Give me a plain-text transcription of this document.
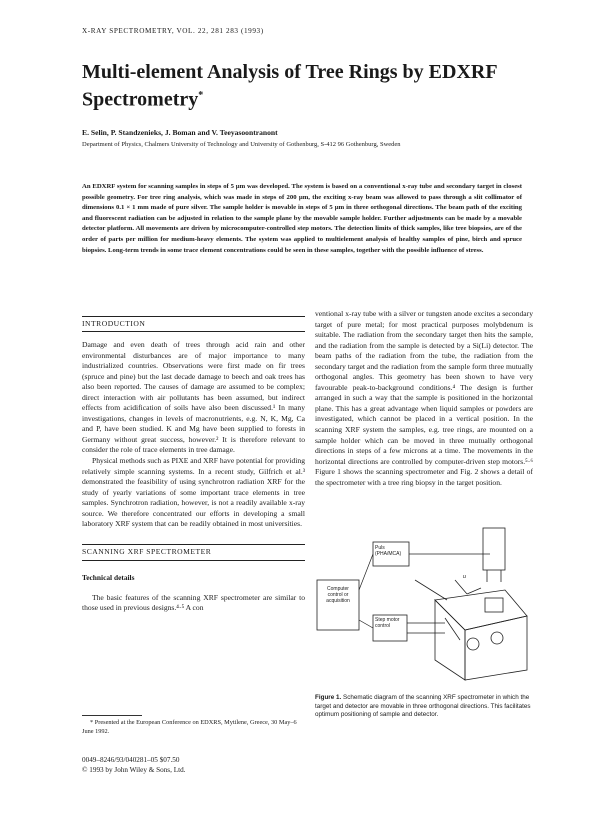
X-RAY SPECTROMETRY, VOL. 22, 281 283 (1993)
Multi-element Analysis of Tree Rings by EDXRF Spectrometry*
E. Selin, P. Standzenieks, J. Boman and V. Teeyasoontranont
Department of Physics, Chalmers University of Technology and University of Gothenburg, S-412 96 Gothenburg, Sweden
An EDXRF system for scanning samples in steps of 5 µm was developed. The system is based on a conventional x-ray tube and secondary target in closest possible geometry. For tree ring analysis, which was made in steps of 200 µm, the exciting x-ray beam was allowed to pass through a slit collimator of dimensions 0.1 × 1 mm made of pure silver. The sample holder is movable in steps of 5 µm in three orthogonal directions. The beam path of the exciting and fluorescent radiation can be adjusted in relation to the sample plane by the movable sample holder. Further adjustments can be made by a movable detector platform. All movements are driven by microcomputer-controlled step motors. The detection limits of thick samples, like tree biopsies, are of the order of parts per million for medium-heavy elements. The system was applied to multielement analysis of healthy samples of pine, birch and spruce biopsies. Long-term trends in some trace element concentrations could be seen in these samples, together with the possible influence of stress.
INTRODUCTION

Damage and even death of trees through acid rain and other environmental disturbances are of major importance to many industrialized countries. Observations were first made on fir trees (spruce and pine) but the last decade damage to beech and oak trees has also been reported. The causes of damage are assumed to be complex; direct interaction with air pollutants has been assumed, but indirect effects from acidification of soils have also been discussed.¹ In many investigations, changes in levels of macronutrients, e.g. N, K, Mg, Ca and P, have been studied. K and Mg have been supplied to forests in Germany without great success, however.² It is therefore relevant to consider the role of trace elements in tree damage.

Physical methods such as PIXE and XRF have potential for providing relatively simple scanning systems. In a recent study, Gilfrich et al.³ demonstrated the feasibility of using synchrotron radiation XRF for the study of yearly variations of some important trace elements in tree samples. Synchrotron radiation, however, is not a readily available x-ray source. We therefore concentrated our efforts in developing a small laboratory XRF system that can be readily obtained in most universities.

SCANNING XRF SPECTROMETER
Technical details

The basic features of the scanning XRF spectrometer are similar to those used in previous designs.⁴·⁵ A con

ventional x-ray tube with a silver or tungsten anode excites a secondary target of pure metal; for most practical purposes molybdenum is suitable. The radiation from the secondary target then hits the sample, and the radiation from the sample is detected by a Si(Li) detector. The beam paths of the radiation from the tube, the radiation from the secondary target and the radiation from the sample form three mutually orthogonal angles. This geometry has been shown to have very favourable peak-to-background conditions.⁴ The design is further arranged in such a way that the sample is positioned in the horizontal plane. This has a great advantage when liquid samples or powders are investigated, which cannot be placed in a vertical position. In the scanning XRF system the samples, e.g. tree rings, are mounted on a sample holder which can be moved in three mutually orthogonal directions in steps of a few microns at a time. The movements in the horizontal directions are controlled by computer-driven step motors.⁵·⁶ Figure 1 shows the scanning spectrometer and Fig. 2 shows a detail of the spectrometer with a tree ring biopsy in the target position.

Computer control or acquisition
Puls (PHA/MCA)
Step motor control
u
Figure 1. Schematic diagram of the scanning XRF spectrometer in which the target and detector are movable in three orthogonal directions. This facilitates optimum positioning of sample and detector.
* Presented at the European Conference on EDXRS, Mytilene, Greece, 30 May–6 June 1992.
0049–8246/93/040281–05 $07.50
© 1993 by John Wiley & Sons, Ltd.
